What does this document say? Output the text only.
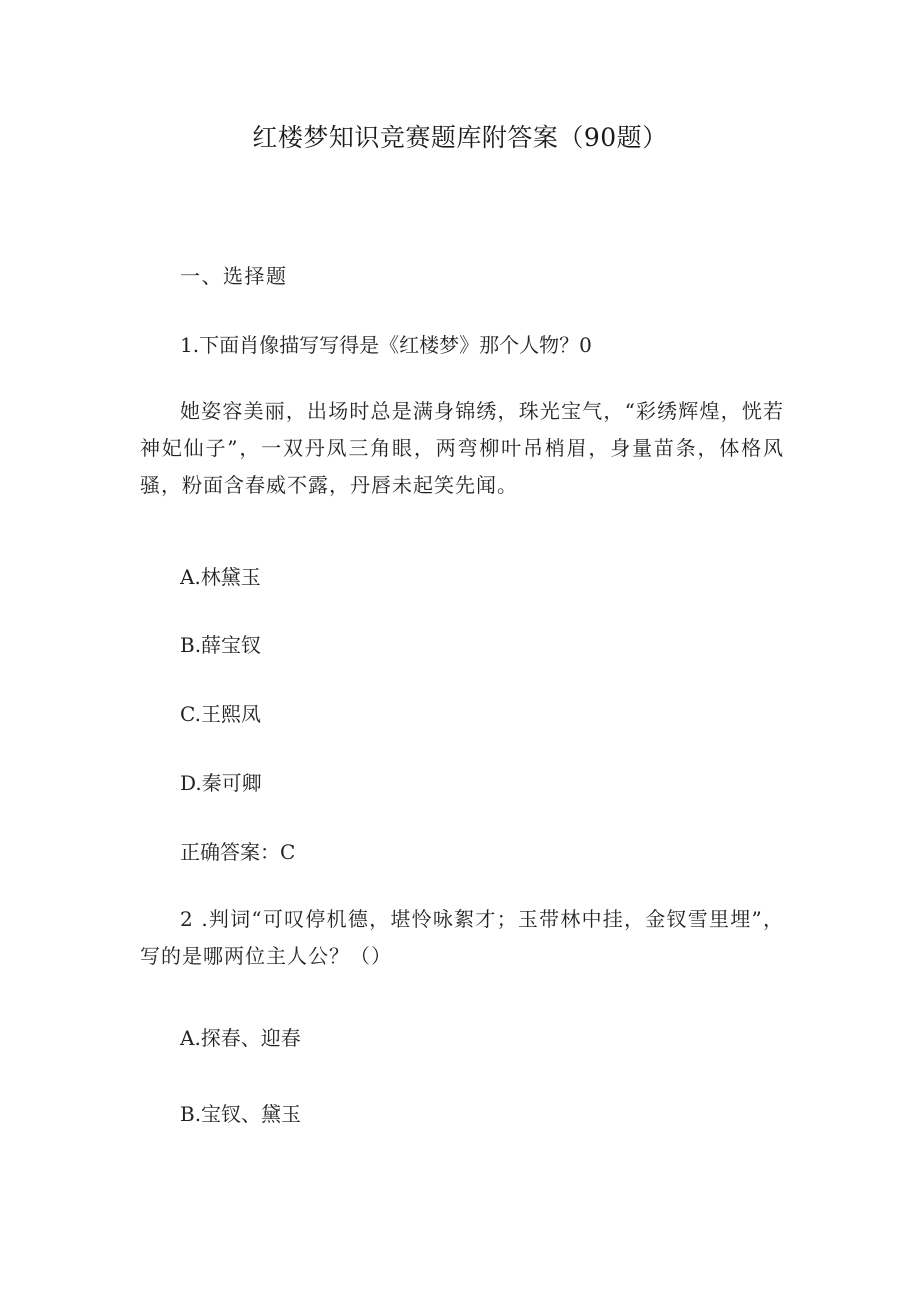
红楼梦知识竞赛题库附答案（90题）
一、选择题
1.下面肖像描写写得是《红楼梦》那个人物？0
她姿容美丽，出场时总是满身锦绣，珠光宝气，“彩绣辉煌，恍若神妃仙子”，一双丹凤三角眼，两弯柳叶吊梢眉，身量苗条，体格风骚，粉面含春威不露，丹唇未起笑先闻。
A.林黛玉
B.薛宝钗
C.王熙凤
D.秦可卿
正确答案：C
2 .判词“可叹停机德，堪怜咏絮才；玉带林中挂，金钗雪里埋”，写的是哪两位主人公？（）
A.探春、迎春
B.宝钗、黛玉
